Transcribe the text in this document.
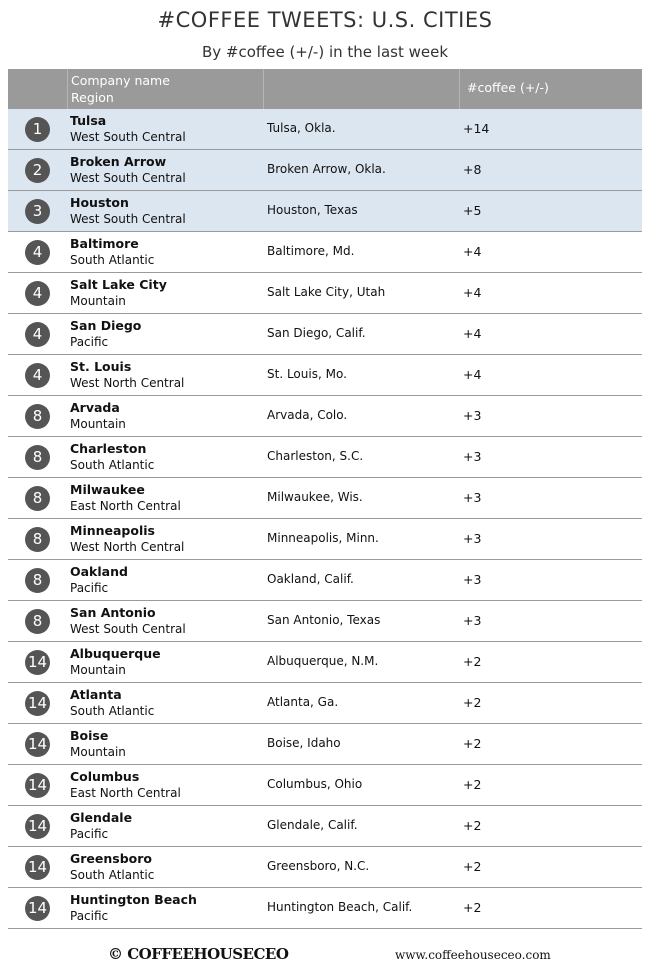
#COFFEE TWEETS: U.S. CITIES
By #coffee (+/-) in the last week
Company name
Region
#coffee (+/-)
1	Tulsa
West South Central
Tulsa, Okla.	+14
2	Broken Arrow
West South Central
Broken Arrow, Okla.	+8
3	Houston
West South Central
Houston, Texas	+5
4	Baltimore
South Atlantic
Baltimore, Md.	+4
4	Salt Lake City
Mountain
Salt Lake City, Utah	+4
4	San Diego
Pacific
San Diego, Calif.	+4
4	St. Louis
West North Central
St. Louis, Mo.	+4
8	Arvada
Mountain
Arvada, Colo.	+3
8	Charleston
South Atlantic
Charleston, S.C.	+3
8	Milwaukee
East North Central
Milwaukee, Wis.	+3
8	Minneapolis
West North Central
Minneapolis, Minn.	+3
8	Oakland
Pacific
Oakland, Calif.	+3
8	San Antonio
West South Central
San Antonio, Texas	+3
14 Albuquerque
Mountain
Albuquerque, N.M.	+2
14 Atlanta
South Atlantic
Atlanta, Ga.	+2
14 Boise
Mountain
Boise, Idaho	+2
14 Columbus
East North Central
Columbus, Ohio	+2
14 Glendale
Pacific
Glendale, Calif.	+2
14 Greensboro
South Atlantic
Greensboro, N.C.	+2
14 Huntington Beach
Pacific
Huntington Beach, Calif.	+2
© COFFEEHOUSECEO	www.coffeehouseceo.com
